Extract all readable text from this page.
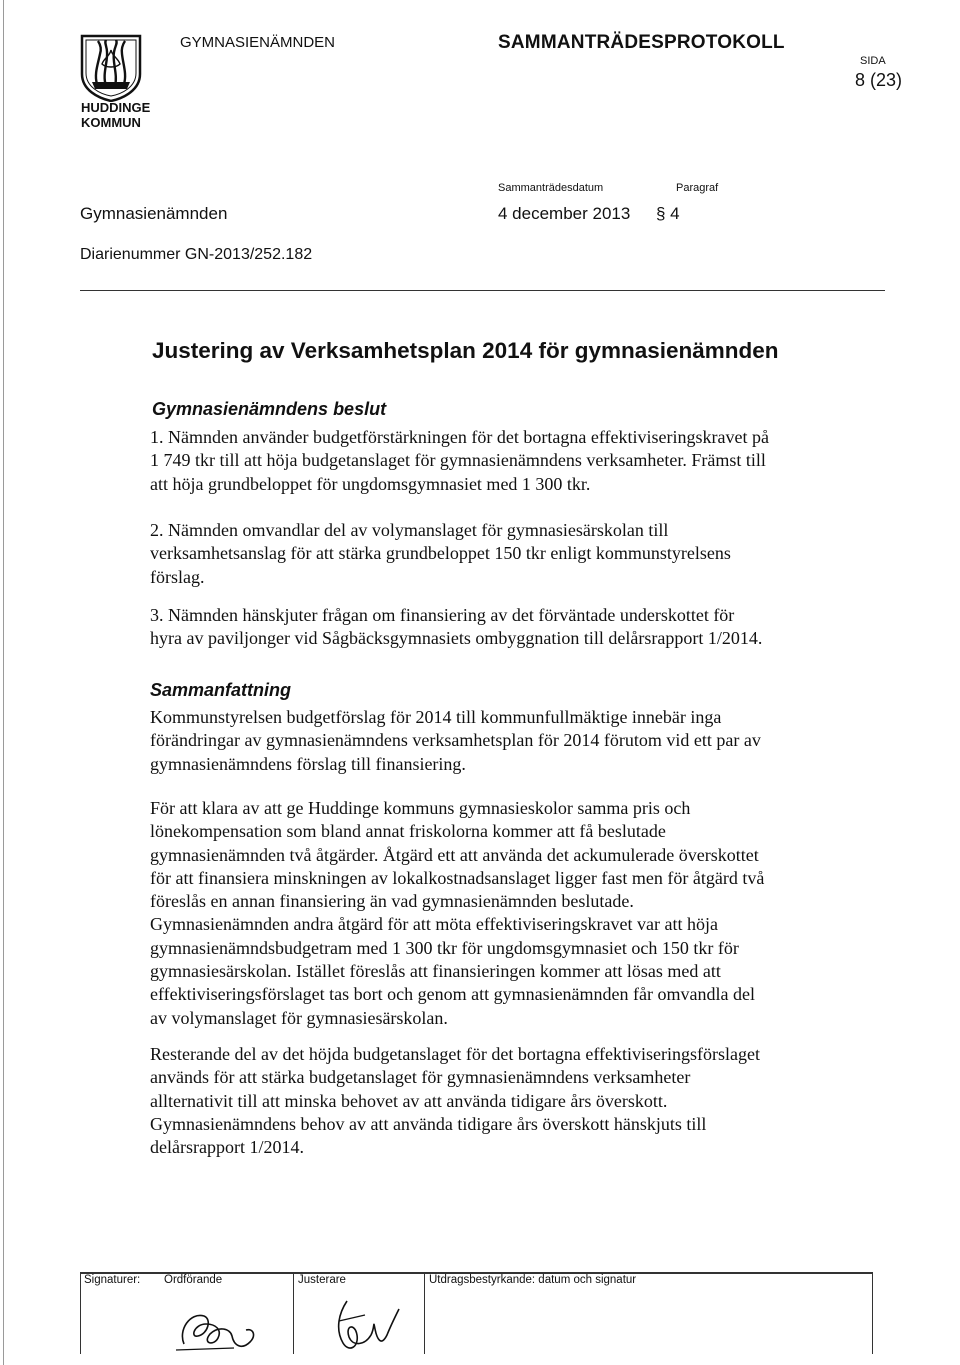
HUDDINGE
KOMMUN
GYMNASIENÄMNDEN	SAMMANTRÄDESPROTOKOLL
SIDA
8 (23)
Sammanträdesdatum	Paragraf
Gymnasienämnden	4 december 2013 § 4
Diarienummer GN-2013/252.182
Justering av Verksamhetsplan 2014 för gymnasienämnden
Gymnasienämndens beslut
1. Nämnden använder budgetförstärkningen för det bortagna effektiviseringskravet på
1 749 tkr till att höja budgetanslaget för gymnasienämndens verksamheter. Främst till
att höja grundbeloppet för ungdomsgymnasiet med 1 300 tkr.
2. Nämnden omvandlar del av volymanslaget för gymnasiesärskolan till
verksamhetsanslag för att stärka grundbeloppet 150 tkr enligt kommunstyrelsens
förslag.
3. Nämnden hänskjuter frågan om finansiering av det förväntade underskottet för
hyra av paviljonger vid Sågbäcksgymnasiets ombyggnation till delårsrapport 1/2014.
Sammanfattning
Kommunstyrelsen budgetförslag för 2014 till kommunfullmäktige innebär inga
förändringar av gymnasienämndens verksamhetsplan för 2014 förutom vid ett par av
gymnasienämndens förslag till finansiering.
För att klara av att ge Huddinge kommuns gymnasieskolor samma pris och
lönekompensation som bland annat friskolorna kommer att få beslutade
gymnasienämnden två åtgärder. Åtgärd ett att använda det ackumulerade överskottet
för att finansiera minskningen av lokalkostnadsanslaget ligger fast men för åtgärd två
föreslås en annan finansiering än vad gymnasienämnden beslutade.
Gymnasienämnden andra åtgärd för att möta effektiviseringskravet var att höja
gymnasienämndsbudgetram med 1 300 tkr för ungdomsgymnasiet och 150 tkr för
gymnasiesärskolan. Istället föreslås att finansieringen kommer att lösas med att
effektiviseringsförslaget tas bort och genom att gymnasienämnden får omvandla del
av volymanslaget för gymnasiesärskolan.
Resterande del av det höjda budgetanslaget för det bortagna effektiviseringsförslaget
används för att stärka budgetanslaget för gymnasienämndens verksamheter
allternativit till att minska behovet av att använda tidigare års överskott.
Gymnasienämndens behov av att använda tidigare års överskott hänskjuts till
delårsrapport 1/2014.
Signaturer: Ordförande	Justerare	Utdragsbestyrkande: datum och signatur
